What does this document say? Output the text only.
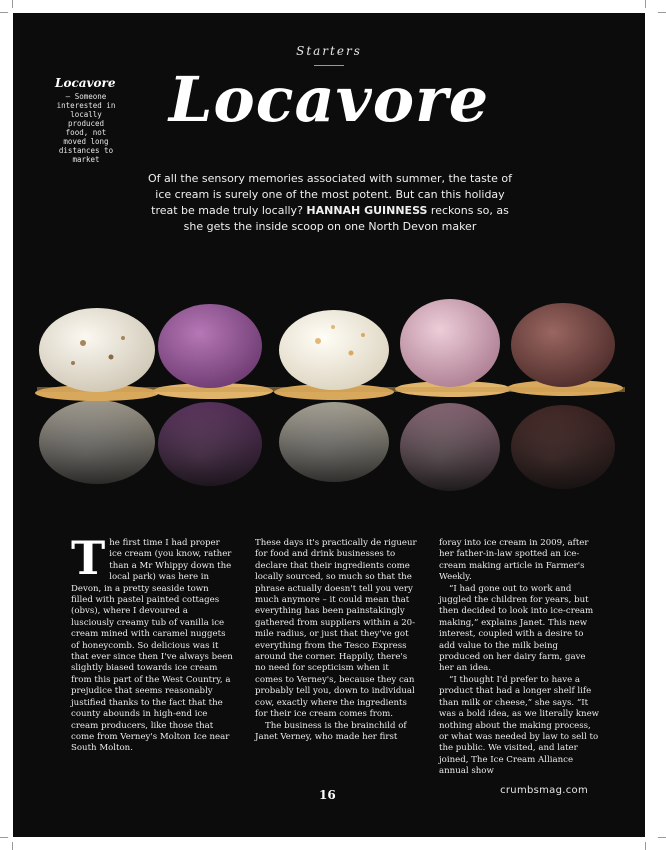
Starters
Locavore
Locavore
– Someone interested in locally produced food, not moved long distances to market
Of all the sensory memories associated with summer, the taste of ice cream is surely one of the most potent. But can this holiday treat be made truly locally? HANNAH GUINNESS reckons so, as she gets the inside scoop on one North Devon maker
T he first time I had proper ice cream (you know, rather than a Mr Whippy down the local park) was here in Devon, in a pretty seaside town filled with pastel painted cottages (obvs), where I devoured a lusciously creamy tub of vanilla ice cream mined with caramel nuggets of honeycomb. So delicious was it that ever since then I've always been slightly biased towards ice cream from this part of the West Country, a prejudice that seems reasonably justified thanks to the fact that the county abounds in high-end ice cream producers, like those that come from Verney's Molton Ice near South Molton.

These days it's practically de rigueur for food and drink businesses to declare that their ingredients come locally sourced, so much so that the phrase actually doesn't tell you very much anymore – it could mean that everything has been painstakingly gathered from suppliers within a 20-mile radius, or just that they've got everything from the Tesco Express around the corner. Happily, there's no need for scepticism when it comes to Verney's, because they can probably tell you, down to individual cow, exactly where the ingredients for their ice cream comes from.

The business is the brainchild of Janet Verney, who made her first

foray into ice cream in 2009, after her father-in-law spotted an ice-cream making article in Farmer's Weekly.

“I had gone out to work and juggled the children for years, but then decided to look into ice-cream making,” explains Janet. This new interest, coupled with a desire to add value to the milk being produced on her dairy farm, gave her an idea.

“I thought I'd prefer to have a product that had a longer shelf life than milk or cheese,” she says. “It was a bold idea, as we literally knew nothing about the making process, or what was needed by law to sell to the public. We visited, and later joined, The Ice Cream Alliance annual show

16	crumbsmag.com
